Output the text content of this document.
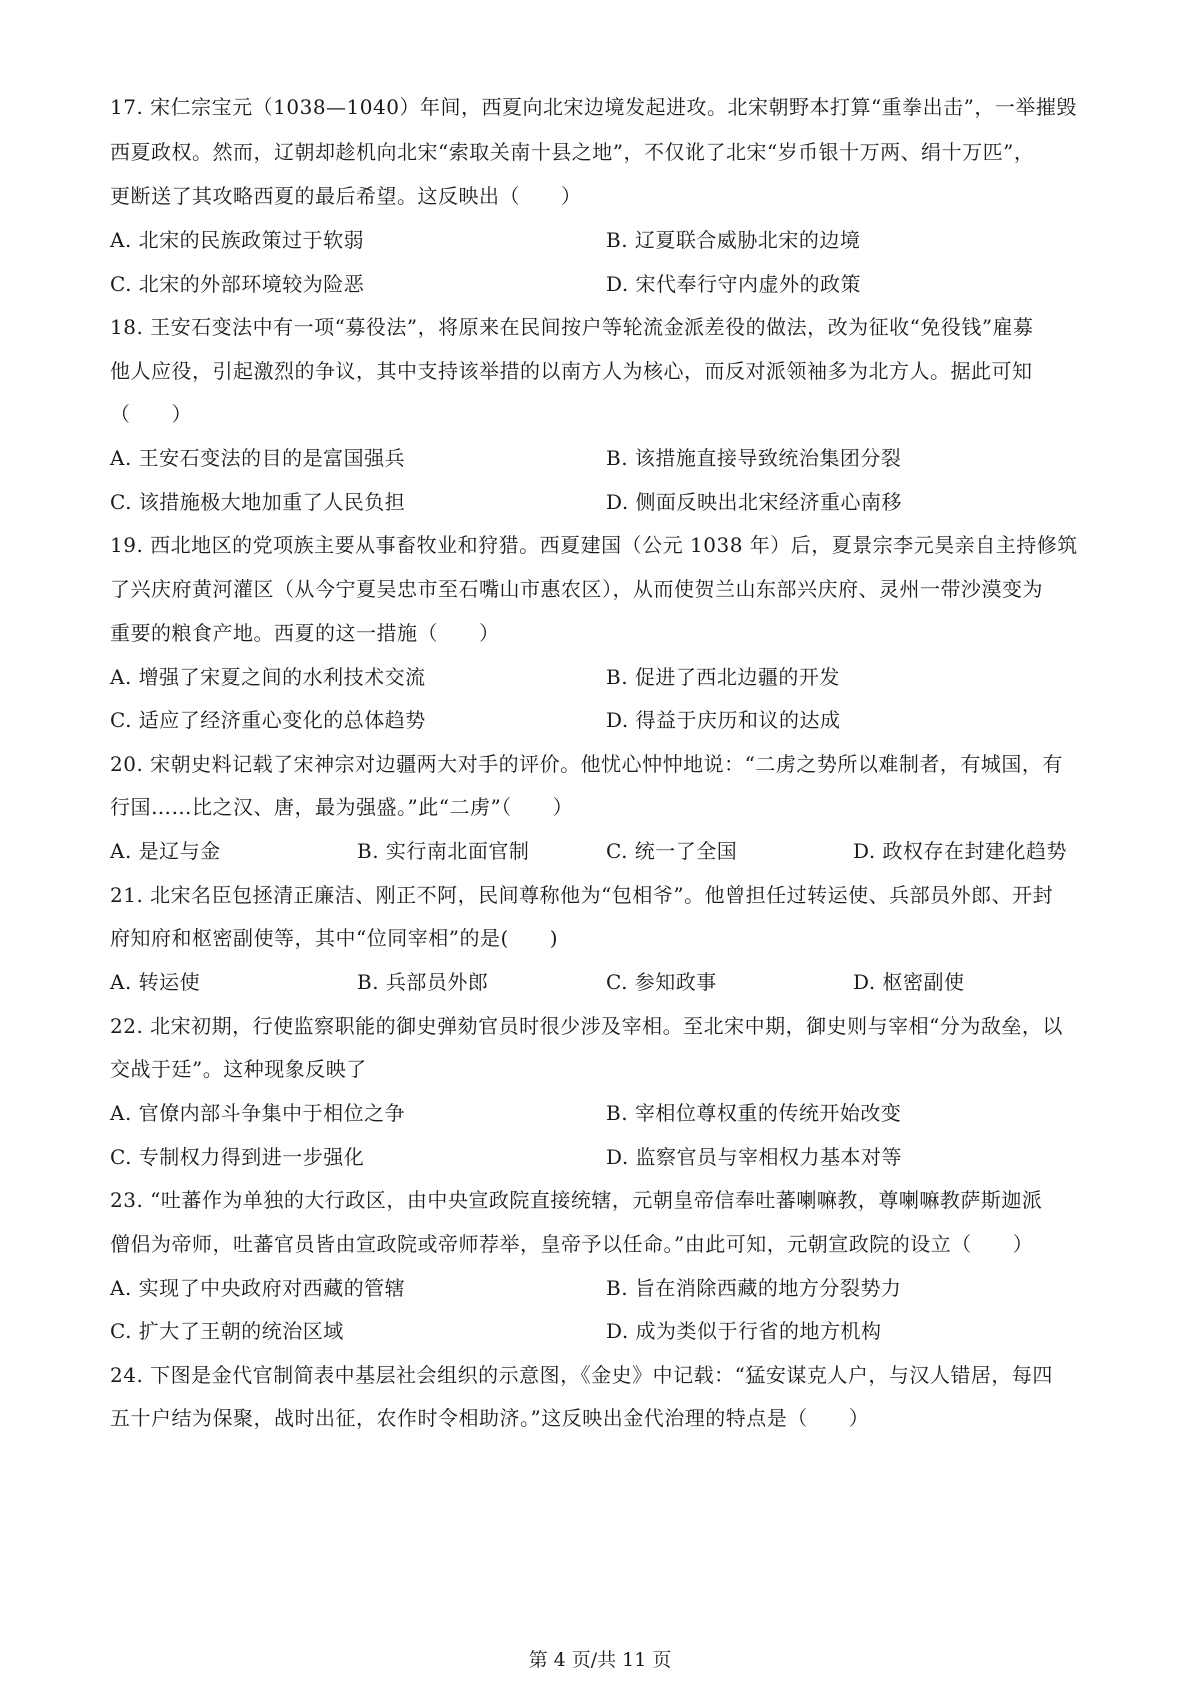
17. 宋仁宗宝元（1038—1040）年间，西夏向北宋边境发起进攻。北宋朝野本打算“重拳出击”，一举摧毁
西夏政权。然而，辽朝却趁机向北宋“索取关南十县之地”，不仅讹了北宋“岁币银十万两、绢十万匹”，
更断送了其攻略西夏的最后希望。这反映出（　　）
A. 北宋的民族政策过于软弱	B. 辽夏联合威胁北宋的边境
C. 北宋的外部环境较为险恶	D. 宋代奉行守内虚外的政策
18. 王安石变法中有一项“募役法”，将原来在民间按户等轮流金派差役的做法，改为征收“免役钱”雇募
他人应役，引起激烈的争议，其中支持该举措的以南方人为核心，而反对派领袖多为北方人。据此可知
（　　）
A. 王安石变法的目的是富国强兵	B. 该措施直接导致统治集团分裂
C. 该措施极大地加重了人民负担	D. 侧面反映出北宋经济重心南移
19. 西北地区的党项族主要从事畜牧业和狩猎。西夏建国（公元 1038 年）后，夏景宗李元昊亲自主持修筑
了兴庆府黄河灌区（从今宁夏吴忠市至石嘴山市惠农区），从而使贺兰山东部兴庆府、灵州一带沙漠变为
重要的粮食产地。西夏的这一措施（　　）
A. 增强了宋夏之间的水利技术交流	B. 促进了西北边疆的开发
C. 适应了经济重心变化的总体趋势	D. 得益于庆历和议的达成
20. 宋朝史料记载了宋神宗对边疆两大对手的评价。他忧心忡忡地说：“二虏之势所以难制者，有城国，有
行国……比之汉、唐，最为强盛。”此“二虏”（　　）
A. 是辽与金	B. 实行南北面官制	C. 统一了全国	D. 政权存在封建化趋势
21. 北宋名臣包拯清正廉洁、刚正不阿，民间尊称他为“包相爷”。他曾担任过转运使、兵部员外郎、开封
府知府和枢密副使等，其中“位同宰相”的是(　　)
A. 转运使	B. 兵部员外郎	C. 参知政事	D. 枢密副使
22. 北宋初期，行使监察职能的御史弹劾官员时很少涉及宰相。至北宋中期，御史则与宰相“分为敌垒，以
交战于廷”。这种现象反映了
A. 官僚内部斗争集中于相位之争	B. 宰相位尊权重的传统开始改变
C. 专制权力得到进一步强化	D. 监察官员与宰相权力基本对等
23. “吐蕃作为单独的大行政区，由中央宣政院直接统辖，元朝皇帝信奉吐蕃喇嘛教，尊喇嘛教萨斯迦派
僧侣为帝师，吐蕃官员皆由宣政院或帝师荐举，皇帝予以任命。”由此可知，元朝宣政院的设立（　　）
A. 实现了中央政府对西藏的管辖	B. 旨在消除西藏的地方分裂势力
C. 扩大了王朝的统治区域	D. 成为类似于行省的地方机构
24. 下图是金代官制简表中基层社会组织的示意图，《金史》中记载：“猛安谋克人户，与汉人错居，每四
五十户结为保聚，战时出征，农作时令相助济。”这反映出金代治理的特点是（　　）
第 4 页/共 11 页
